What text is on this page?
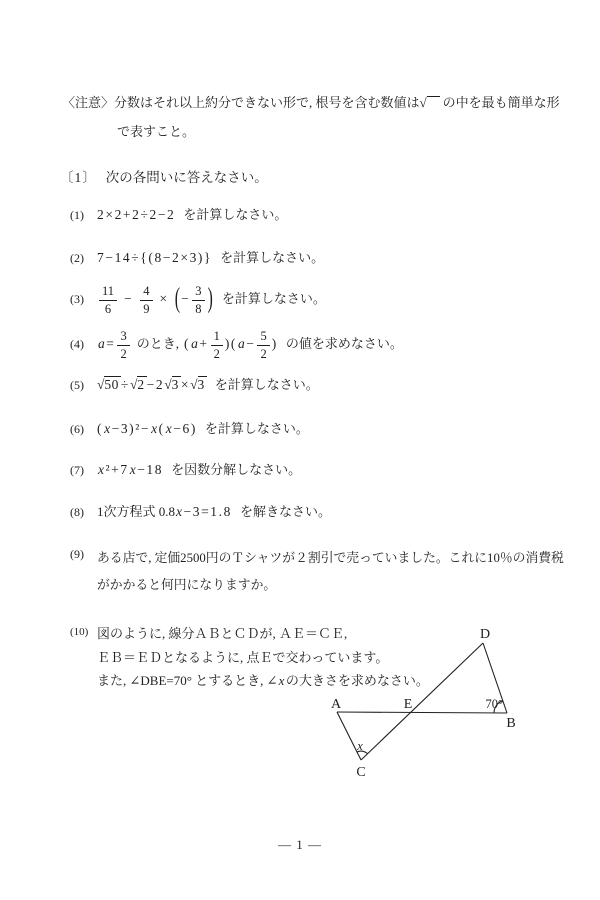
〈注意〉分数はそれ以上約分できない形で, 根号を含む数値は√ の中を最も簡単な形
で表すこと。
〔1〕 次の各問いに答えなさい。
(1) 2×2+2÷2−2 を計算しなさい。
(2) 7−14÷{(8−2×3)} を計算しなさい。
$(3) \frac{11}{6} - \frac{4}{9}$ × (− $\frac{3}{8}$ ) を計算しなさい。
(4) $a= \frac{3}{2}$ のとき, $(a+ \frac{1}{2} )(a- \frac{5}{2}$ ) の値を求めなさい。
(5) √50 ÷√2 −2√3 ×√3 を計算しなさい。
(6) (x−3)²−x(x−6) を計算しなさい。
(7) x²+7x−18 を因数分解しなさい。
(8) 1次方程式 0.8x−3=1.8 を解きなさい。
(9) ある店で, 定価2500円のＴシャツが２割引で売っていました。これに10％の消費税
がかかると何円になりますか。
(10) 図のように, 線分ＡＢとＣＤが, ＡＥ＝ＣＥ,
ＥＢ＝ＥＤとなるように, 点Ｅで交わっています。
また, ∠DBE=70° とするとき, ∠xの大きさを求めなさい。
A	E
D
B
C
70°
x
— 1 —
